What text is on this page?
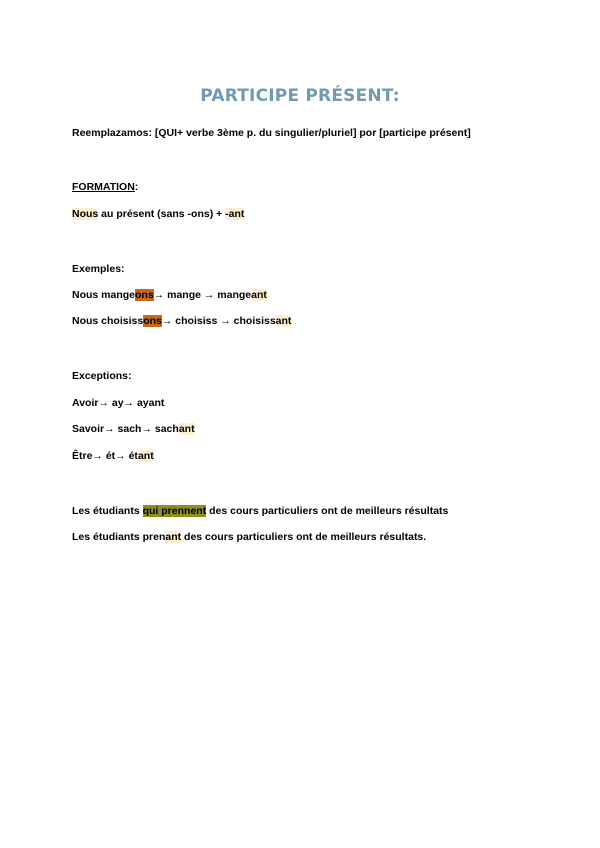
PARTICIPE PRÉSENT:
Reemplazamos: [QUI+ verbe 3ème p. du singulier/pluriel] por [participe présent]
FORMATION:
Nous au présent (sans -ons) + -ant
Exemples:
Nous mangeons→ mange → mangeant
Nous choisissons→ choisiss → choisissant
Exceptions:
Avoir→ ay→ ayant
Savoir→ sach→ sachant
Être→ ét→ étant
Les étudiants qui prennent des cours particuliers ont de meilleurs résultats
Les étudiants prenant des cours particuliers ont de meilleurs résultats.
